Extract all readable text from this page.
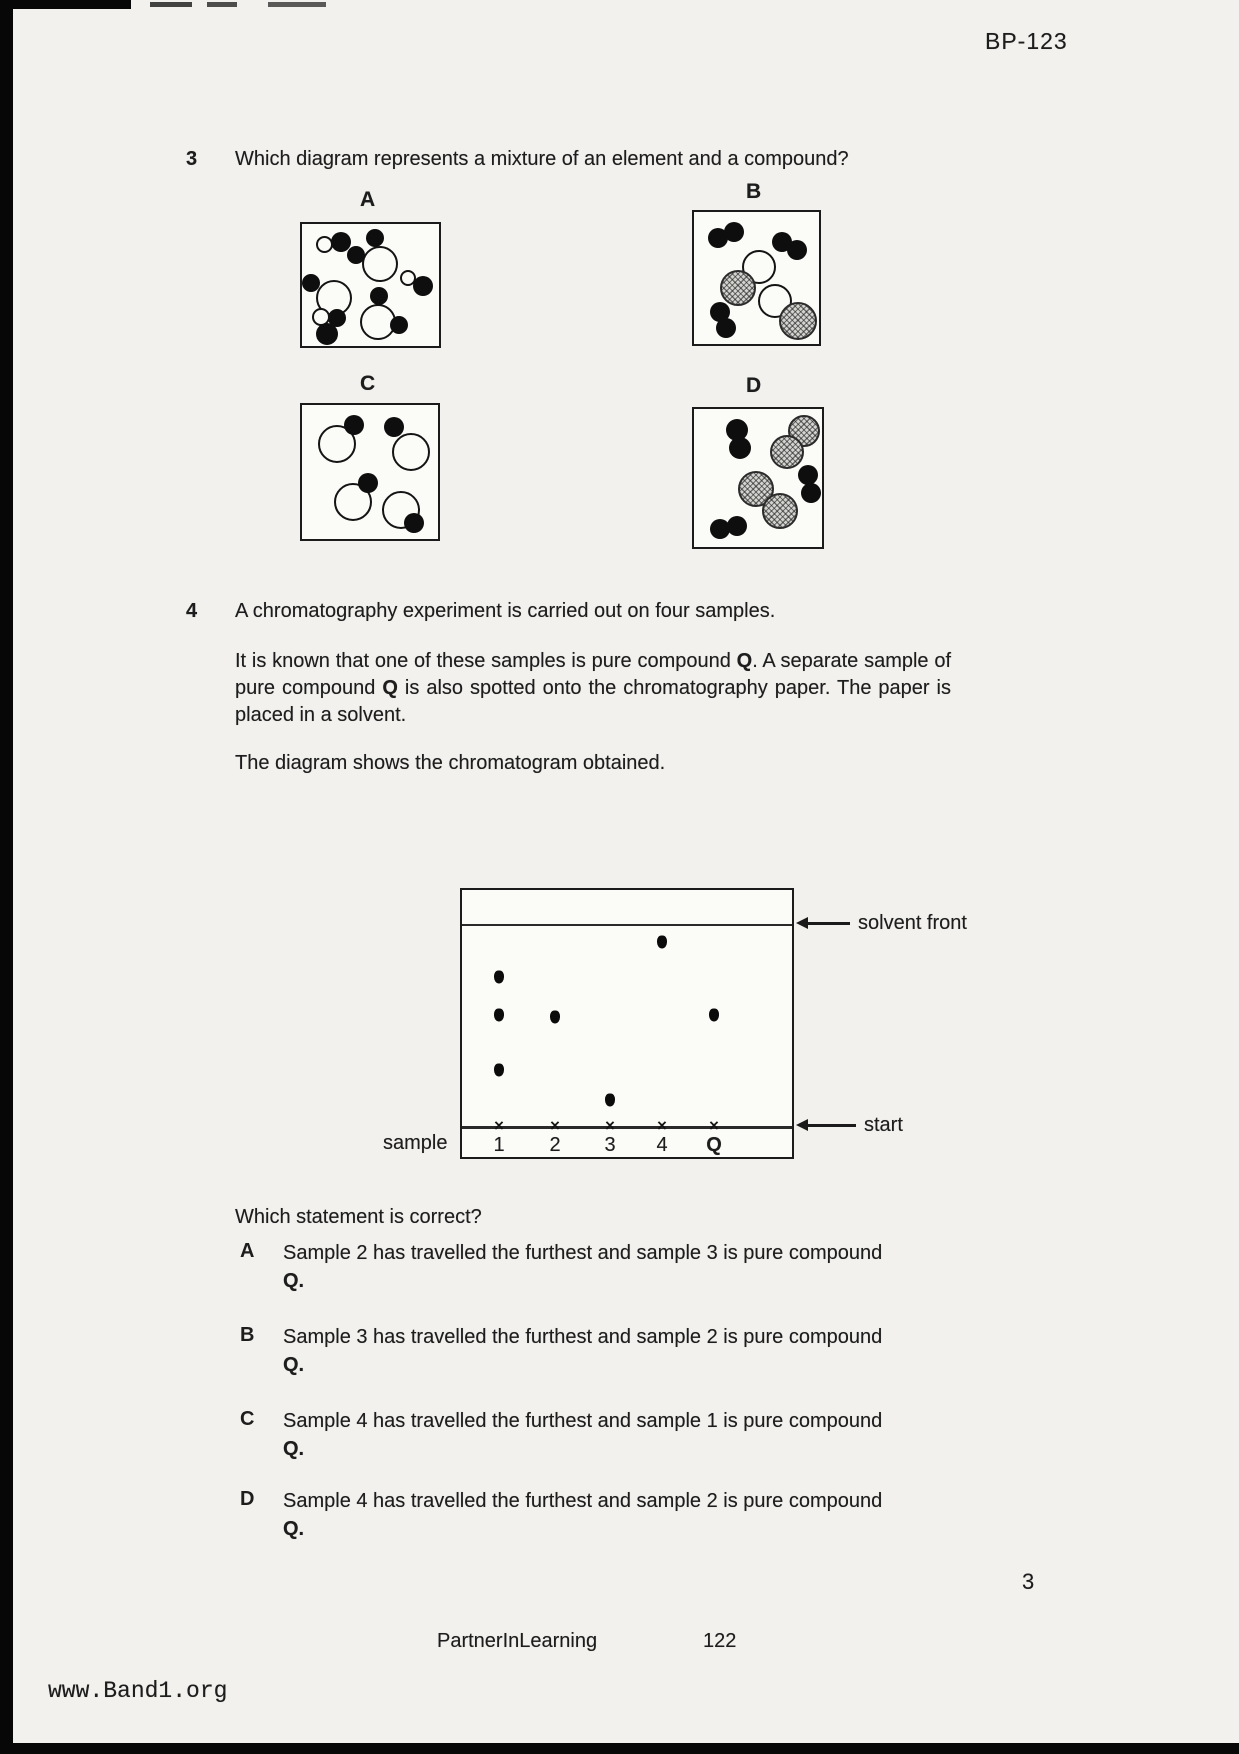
BP-123
3 Which diagram represents a mixture of an element and a compound?
A	B
C	D
4 A chromatography experiment is carried out on four samples.
It is known that one of these samples is pure compound Q. A separate sample of pure compound Q is also spotted onto the chromatography paper. The paper is placed in a solvent.
The diagram shows the chromatogram obtained.
×
1
×
2
×
3
×
4
×
Q
sample
solvent front
start
Which statement is correct?
A Sample 2 has travelled the furthest and sample 3 is pure compound
Q.
B Sample 3 has travelled the furthest and sample 2 is pure compound
Q.
C Sample 4 has travelled the furthest and sample 1 is pure compound
Q.
D Sample 4 has travelled the furthest and sample 2 is pure compound
Q.
3
PartnerInLearning	122
www.Band1.org
